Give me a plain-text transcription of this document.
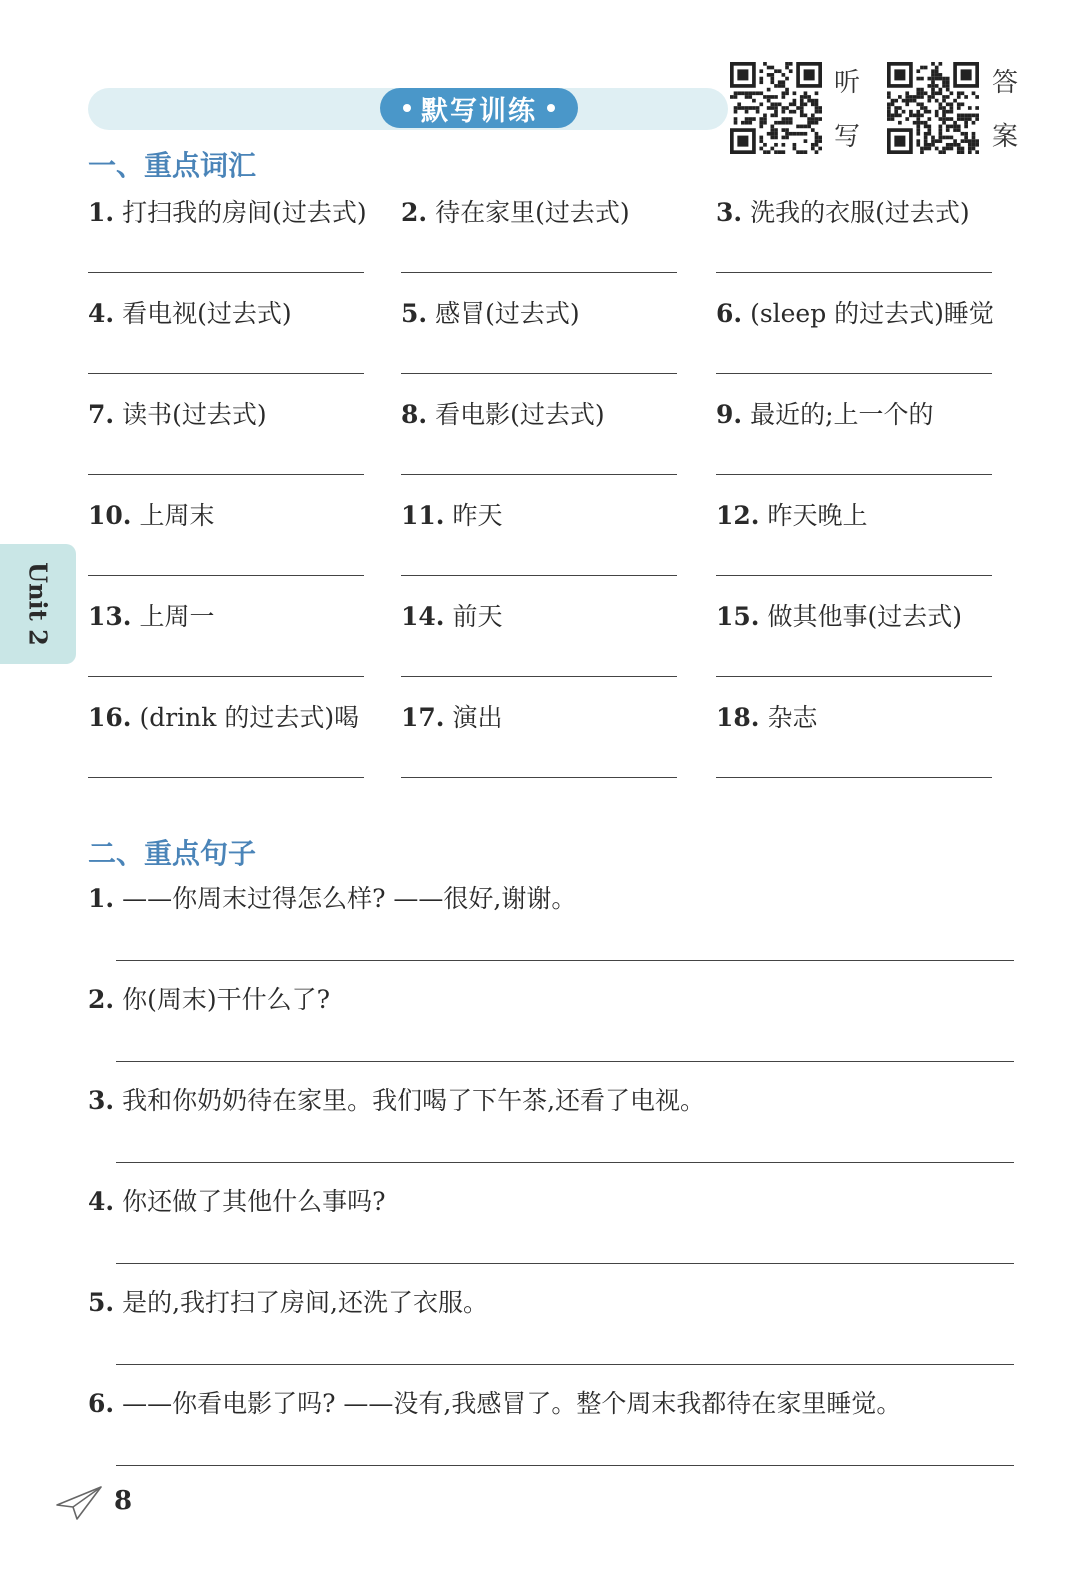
默写训练
听
写
答
案
一、重点词汇
1. 打扫我的房间(过去式)	2. 待在家里(过去式)	3. 洗我的衣服(过去式)
4. 看电视(过去式)	5. 感冒(过去式)	6. (sleep 的过去式)睡觉
7. 读书(过去式)	8. 看电影(过去式)	9. 最近的;上一个的
10. 上周末	11. 昨天	12. 昨天晚上
13. 上周一	14. 前天	15. 做其他事(过去式)
16. (drink 的过去式)喝	17. 演出	18. 杂志
二、重点句子
1. ——你周末过得怎么样? ——很好,谢谢。
2. 你(周末)干什么了?
3. 我和你奶奶待在家里。我们喝了下午茶,还看了电视。
4. 你还做了其他什么事吗?
5. 是的,我打扫了房间,还洗了衣服。
6. ——你看电影了吗? ——没有,我感冒了。整个周末我都待在家里睡觉。
Unit 2
8
